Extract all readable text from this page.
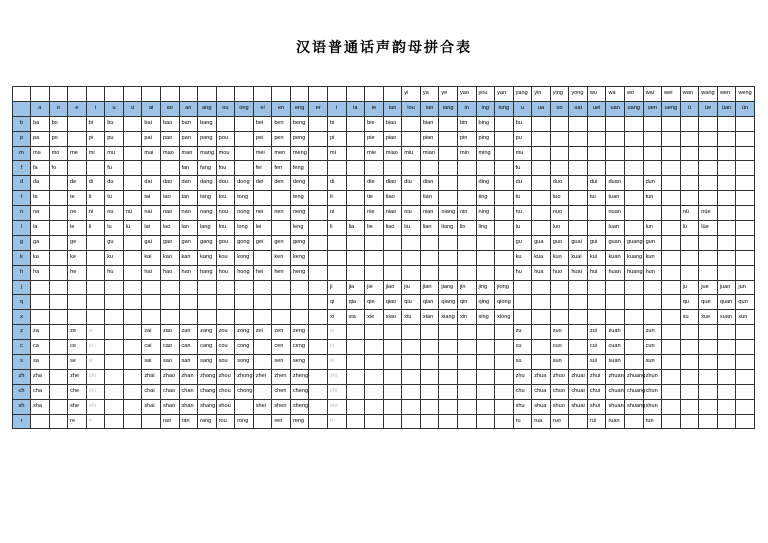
汉语普通话声韵母拼合表
																					yi	ya	ye	yao	you	yan	yang	yin	ying	yong	wu	wa	wo	wai	wei	wan	wang	wen	weng
	a	o	e	i	u	ü	ai	ao	an	ang	ou	ong	ei	en	eng	er	i	ia	ie	iao	iou	ian	iang	in	ing	iong	u	ua	uo	uai	uei	uan	uang	uen	ueng	ü	üe	üan	ün
b	ba	bo		bi	bu		bai	bao	ban	bang			bei	ben	beng		bi		bie	biao		bian		bin	bing		bu												
p	pa	po		pi	pu		pai	pao	pan	pang	pou		pei	pen	peng		pi		pie	piao		pian		pin	ping		pu												
m	ma	mo	me	mi	mu		mai	mao	man	mang	mou		mei	men	meng		mi		mie	miao	miu	mian		min	ming		mu												
f	fa	fo			fu				fan	fang	fou		fei	fen	feng												fu												
d	da		de	di	du		dai	dao	dan	dang	dou	dong	dei	den	deng		di		die	diao	diu	dian			ding		du		duo		dui	duan		dun					
t	ta		te	ti	tu		tai	tao	tan	tang	tou	tong			teng		ti		tie	tiao		tian			ting		tu		tuo		tui	tuan		tun					
n	na		ne	ni	nu	nü	nai	nao	nan	nang	nou	nong	nei	nen	neng		ni		nie	niao	niu	nian	niang	nin	ning		nu		nuo			nuan				nü	nüe		
l	la		le	li	lu	lü	lai	lao	lan	lang	lou	long	lei		leng		li	lia	lie	liao	liu	lian	liang	lin	ling		lu		luo			luan		lun		lü	lüe		
g	ga		ge		gu		gai	gao	gan	gang	gou	gong	gei	gen	geng												gu	gua	guo	guai	gui	guan	guang	gun					
k	ka		ke		ku		kai	kao	kan	kang	kou	kong		ken	keng												ku	kua	kuo	kuai	kui	kuan	kuang	kun					
h	ha		he		hu		hai	hao	han	hang	hou	hong	hei	hen	heng												hu	hua	huo	huai	hui	huan	huang	hun					
j																	ji	jia	jie	jiao	jiu	jian	jiang	jin	jing	jiong										ju	jue	juan	jun
q																	qi	qia	qie	qiao	qiu	qian	qiang	qin	qing	qiong										qu	que	quan	qun
x																	xi	xia	xie	xiao	xiu	xian	xiang	xin	xing	xiong										xu	xue	xuan	xun
z	za		ze	zi			zai	zao	zan	zang	zou	zong	zei	zen	zeng		zi										zu		zuo		zui	zuan		zun					
c	ca		ce	ci			cai	cao	can	cang	cou	cong		cen	ceng		ci										cu		cuo		cui	cuan		cun					
s	sa		se	si			sai	sao	san	sang	sou	song		sen	seng		si										su		suo		sui	suan		sun					
zh	zha		zhe	zhi			zhai	zhao	zhan	zhang	zhou	zhong	zhei	zhen	zheng		zhi										zhu	zhua	zhuo	zhuai	zhui	zhuan	zhuang	zhun					
ch	cha		che	chi			chai	chao	chan	chang	chou	chong		chen	cheng		chi										chu	chua	chuo	chuai	chui	chuan	chuang	chun					
sh	sha		she	shi			shai	shao	shan	shang	shou		shei	shen	sheng		shi										shu	shua	shuo	shuai	shui	shuan	shuang	shun					
r			re	ri				rao	ran	rang	rou	rong		ren	reng		ri										ru	rua	ruo		rui	ruan		run					
